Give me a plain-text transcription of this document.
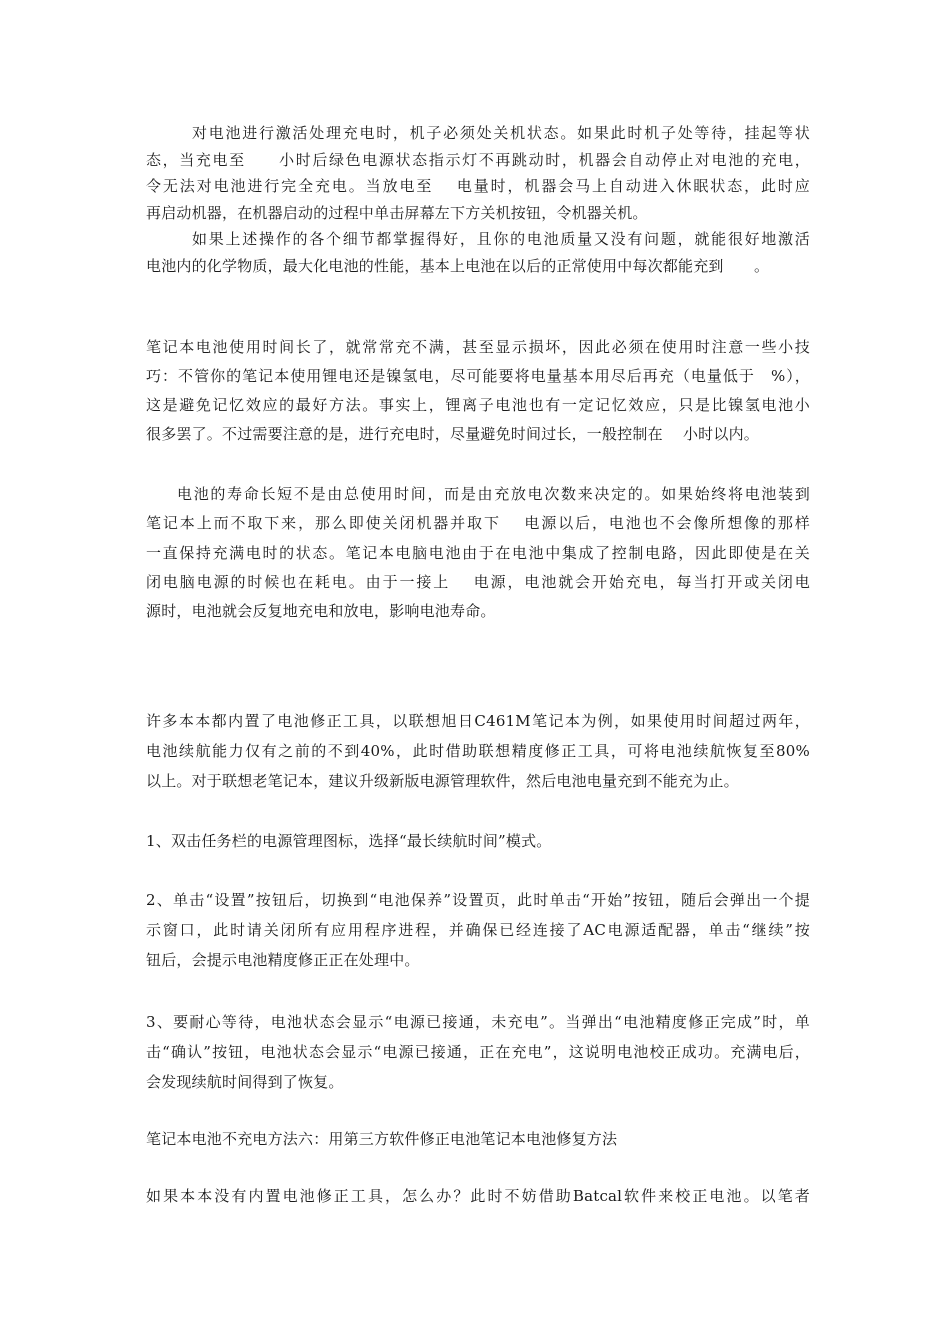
对电池进行激活处理充电时，机子必须处关机状态。如果此时机子处等待，挂起等状
态，当充电至　　小时后绿色电源状态指示灯不再跳动时，机器会自动停止对电池的充电，
令无法对电池进行完全充电。当放电至　 电量时，机器会马上自动进入休眠状态，此时应
再启动机器，在机器启动的过程中单击屏幕左下方关机按钮，令机器关机。
如果上述操作的各个细节都掌握得好，且你的电池质量又没有问题，就能很好地激活
电池内的化学物质，最大化电池的性能，基本上电池在以后的正常使用中每次都能充到　　。
笔记本电池使用时间长了，就常常充不满，甚至显示损坏，因此必须在使用时注意一些小技
巧：不管你的笔记本使用锂电还是镍氢电，尽可能要将电量基本用尽后再充（电量低于　%），
这是避免记忆效应的最好方法。事实上，锂离子电池也有一定记忆效应，只是比镍氢电池小
很多罢了。不过需要注意的是，进行充电时，尽量避免时间过长，一般控制在　 小时以内。
电池的寿命长短不是由总使用时间，而是由充放电次数来决定的。如果始终将电池装到
笔记本上而不取下来，那么即使关闭机器并取下　 电源以后，电池也不会像所想像的那样
一直保持充满电时的状态。笔记本电脑电池由于在电池中集成了控制电路，因此即使是在关
闭电脑电源的时候也在耗电。由于一接上　 电源，电池就会开始充电，每当打开或关闭电
源时，电池就会反复地充电和放电，影响电池寿命。
许多本本都内置了电池修正工具，以联想旭日C461M笔记本为例，如果使用时间超过两年，
电池续航能力仅有之前的不到40%，此时借助联想精度修正工具，可将电池续航恢复至80%
以上。对于联想老笔记本，建议升级新版电源管理软件，然后电池电量充到不能充为止。
1、双击任务栏的电源管理图标，选择“最长续航时间”模式。
2、单击“设置”按钮后，切换到“电池保养”设置页，此时单击“开始”按钮，随后会弹出一个提
示窗口，此时请关闭所有应用程序进程，并确保已经连接了AC电源适配器，单击“继续”按
钮后，会提示电池精度修正正在处理中。
3、要耐心等待，电池状态会显示“电源已接通，未充电”。当弹出“电池精度修正完成”时，单
击“确认”按钮，电池状态会显示“电源已接通，正在充电”，这说明电池校正成功。充满电后，
会发现续航时间得到了恢复。
笔记本电池不充电方法六：用第三方软件修正电池笔记本电池修复方法
如果本本没有内置电池修正工具，怎么办？此时不妨借助Batcal软件来校正电池。以笔者
